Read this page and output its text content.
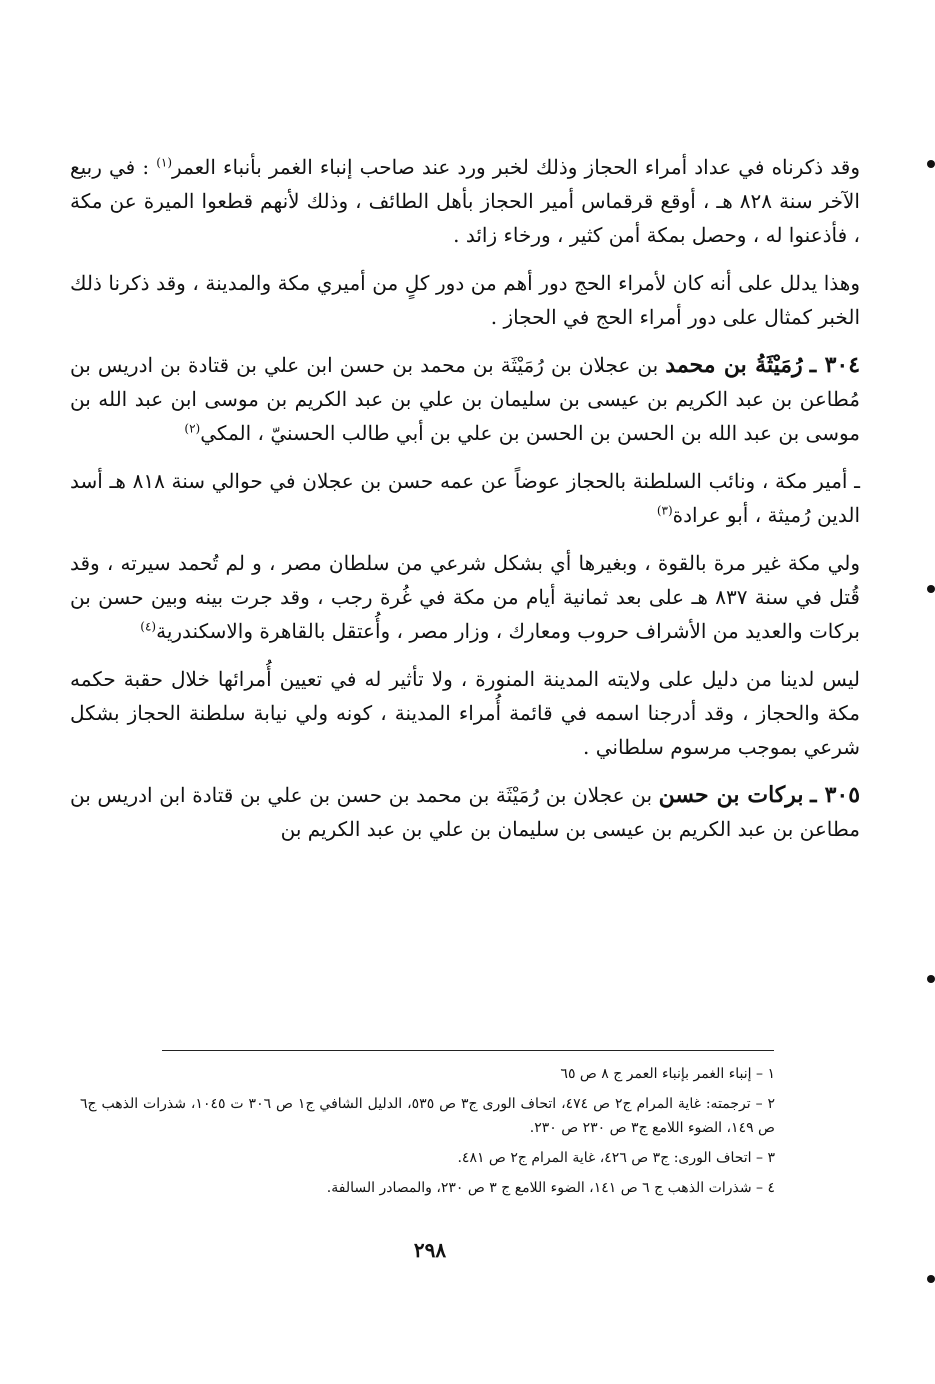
وقد ذكرناه في عداد أمراء الحجاز وذلك لخبر ورد عند صاحب إنباء الغمر بأنباء العمر$^{(١)}$ : في ربيع الآخر سنة ٨٢٨ هـ ، أوقع قرقماس أمير الحجاز بأهل الطائف ، وذلك لأنهم قطعوا الميرة عن مكة ، فأذعنوا له ، وحصل بمكة أمن كثير ، ورخاء زائد .

وهذا يدلل على أنه كان لأمراء الحج دور أهم من دور كلٍ من أميري مكة والمدينة ، وقد ذكرنا ذلك الخبر كمثال على دور أمراء الحج في الحجاز .

٣٠٤ ـ رُمَيْثَةُ بن محمد بن عجلان بن رُمَيْثَة بن محمد بن حسن ابن علي بن قتادة بن ادريس بن مُطاعن بن عبد الكريم بن عيسى بن سليمان بن علي بن عبد الكريم بن موسى ابن عبد الله بن موسى بن عبد الله بن الحسن بن الحسن بن علي بن أبي طالب الحسنيّ ، المكي$^{(٢)}$

ـ أمير مكة ، ونائب السلطنة بالحجاز عوضاً عن عمه حسن بن عجلان في حوالي سنة ٨١٨ هـ أسد الدين رُميثة ، أبو عرادة$^{(٣)}$

ولي مكة غير مرة بالقوة ، وبغيرها أي بشكل شرعي من سلطان مصر ، و لم تُحمد سيرته ، وقد قُتل في سنة ٨٣٧ هـ على بعد ثمانية أيام من مكة في غُرة رجب ، وقد جرت بينه وبين حسن بن بركات والعديد من الأشراف حروب ومعارك ، وزار مصر ، وأُعتقل بالقاهرة والاسكندرية$^{(٤)}$

ليس لدينا من دليل على ولايته المدينة المنورة ، ولا تأثير له في تعيين أُمرائها خلال حقبة حكمه مكة والحجاز ، وقد أدرجنا اسمه في قائمة أُمراء المدينة ، كونه ولي نيابة سلطنة الحجاز بشكل شرعي بموجب مرسوم سلطاني .

٣٠٥ ـ بركات بن حسن بن عجلان بن رُمَيْثَة بن محمد بن حسن بن علي بن قتادة ابن ادريس بن مطاعن بن عبد الكريم بن عيسى بن سليمان بن علي بن عبد الكريم بن

١ – إنباء الغمر بإنباء العمر ج ٨ ص ٦٥

٢ – ترجمته: غاية المرام ج٢ ص ٤٧٤، اتحاف الورى ج٣ ص ٥٣٥، الدليل الشافي ج١ ص ٣٠٦ ت ١٠٤٥، شذرات الذهب ج٦ ص ١٤٩، الضوء اللامع ج٣ ص ٢٣٠ ص ٢٣٠.

٣ – اتحاف الورى: ج٣ ص ٤٢٦، غاية المرام ج٢ ص ٤٨١.

٤ – شذرات الذهب ج ٦ ص ١٤١، الضوء اللامع ج ٣ ص ٢٣٠، والمصادر السالفة.

٢٩٨
